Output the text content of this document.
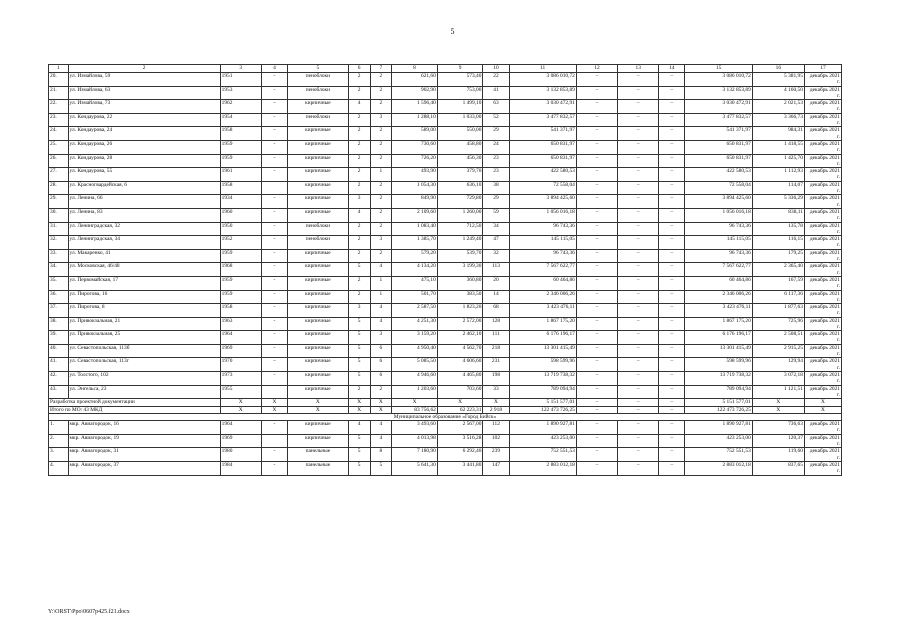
5
1	2	3	4	5	6	7	8	9	10	11	12	13	14	15	16	17
20.	ул. Измайлова, 59	1951	-	пеноблоки	2	2	621,60	573,40	22	3 086 010,72	–	–	–	3 086 010,72	5 381,95	декабрь 2021 г.
21.	ул. Измайлова, 63	1953	-	пеноблоки	2	2	902,90	753,00	41	3 132 853,89	–	–	–	3 132 853,89	4 160,50	декабрь 2021 г.
22.	ул. Измайлова, 73	1962	–	кирпичные	4	2	1 596,40	1 499,10	63	3 030 472,91	–	–	–	3 030 472,91	2 021,53	декабрь 2021 г.
23.	ул. Кондаурова, 22	1954	-	пеноблоки	2	3	1 288,10	1 033,00	52	3 477 832,57	–	–	–	3 477 832,57	3 366,73	декабрь 2021 г.
24.	ул. Кондаурова, 24	1958	–	кирпичные	2	2	589,00	550,00	29	541 371,97	–	–	–	541 371,97	984,31	декабрь 2021 г.
25.	ул. Кондаурова, 26	1959	-	кирпичные	2	2	730,60	458,80	24	650 831,97	–	–	–	650 831,97	1 418,55	декабрь 2021 г.
26.	ул. Кондаурова, 28	1959	-	кирпичные	2	2	726,20	456,30	23	650 831,97	–	–	–	650 831,97	1 425,70	декабрь 2021 г.
27.	ул. Кондаурова, 55	1961	-	кирпичные	2	1	493,90	379,70	23	422 580,53	–	–	–	422 580,53	1 112,93	декабрь 2021 г.
28.	ул. Красногвардейская, 6	1958		кирпичные	2	2	1 054,30	636,10	38	72 558,04	–	–	–	72 558,04	114,07	декабрь 2021 г.
29.	ул. Ленина, 66	1934	-	кирпичные	3	2	849,90	729,80	29	3 894 425,60	–	–	–	3 894 425,60	5 336,29	декабрь 2021 г.
30.	ул. Ленина, 83	1960	-	кирпичные	4	2	2 109,60	1 260,00	59	1 056 016,18	–	–	–	1 056 016,18	838,11	декабрь 2021 г.
31.	ул. Ленинградская, 32	1950	-	пеноблоки	2	2	1 083,40	712,50	34	96 743,36	–	–	–	96 743,36	135,78	декабрь 2021 г.
32.	ул. Ленинградская, 34	1952	-	пеноблоки	2	3	1 385,70	1 249,40	47	145 115,05	–	–	–	145 115,05	116,15	декабрь 2021 г.
33.	ул. Макаренко, 41	1959	-	кирпичные	2	2	579,20	539,70	32	96 743,36	–	–	–	96 743,36	179,25	декабрь 2021 г.
34.	ул. Московская, 46/48	1968	-	кирпичные	5	4	4 134,20	3 199,30	113	7 567 622,77	–	–	–	7 567 622,77	2 365,40	декабрь 2021 г.
35.	ул. Первомайская, 17	1959	-	кирпичные	2	1	475,10	360,80	20	60 464,86	–	–	–	60 464,86	167,59	декабрь 2021 г.
36.	ул. Пирогова, 16	1959	-	кирпичные	2	1	501,70	383,50	14	2 346 006,26	–	–	–	2 346 006,26	6 117,36	декабрь 2021 г.
37.	ул. Пирогова, 8	1958	-	кирпичные	3	4	2 587,50	1 823,20	68	3 423 476,11	–	–	–	3 423 476,11	1 877,63	декабрь 2021 г.
38.	ул. Привокзальная, 21	1963	-	кирпичные	5	4	4 251,30	2 572,00	128	1 867 175,20	–	–	–	1 867 175,20	725,96	декабрь 2021 г.
39.	ул. Привокзальная, 25	1964	-	кирпичные	5	3	3 159,20	2 462,10	111	6 176 196,17	–	–	–	6 176 196,17	2 508,51	декабрь 2021 г.
40.	ул. Севастопольская, 113б	1969	-	кирпичные	5	6	4 950,40	4 562,70	218	13 301 415,49	–	–	–	13 301 415,49	2 915,25	декабрь 2021 г.
41.	ул. Севастопольская, 113г	1970	–	кирпичные	5	6	5 085,50	4 606,60	231	598 599,96	–	–	–	598 599,96	129,94	декабрь 2021 г.
42.	ул. Толстого, 102	1973	-	кирпичные	5	6	4 946,60	4 465,80	198	13 719 738,32	–	–	–	13 719 738,32	3 072,18	декабрь 2021 г.
43.	ул. Энгельса, 23	1955		кирпичные	2	2	1 203,60	703,60	33	789 094,94	–	–	–	789 094,94	1 121,51	декабрь 2021 г.
Разработка проектной документации		X	X	X	X	X	X	X	X	5 151 577,01	–	–	–	5 151 577,01	X	X
Итого по МО: 43 МКД		X	X	X	X	X	83 756,62	62 223,31	2 918	122 473 726,25	–	–	–	122 473 726,25	X	X
Муниципальное образование «Город Бийск»																
1.	мкр. Авиагородок, 16	1964	-	кирпичные	4	4	3 493,60	2 567,00	112	1 890 927,81	–	–	–	1 890 927,81	736,63	декабрь 2021 г.
2.	мкр. Авиагородок, 19	1969		кирпичные	5	4	4 013,98	3 516,28	102	423 253,00	–	–	–	423 253,00	120,37	декабрь 2021 г.
3.	мкр. Авиагородок, 31	1980	-	панельные	5	8	7 180,90	6 292,40	239	752 551,53	–	–	–	752 551,53	119,60	декабрь 2021 г.
4.	мкр. Авиагородок, 37	1984	-	панельные	5	5	5 641,30	3 441,80	147	2 883 012,18	–	–	–	2 883 012,18	837,65	декабрь 2021 г.
Y:\ORST\Ppo\0607p425.f21.docx
